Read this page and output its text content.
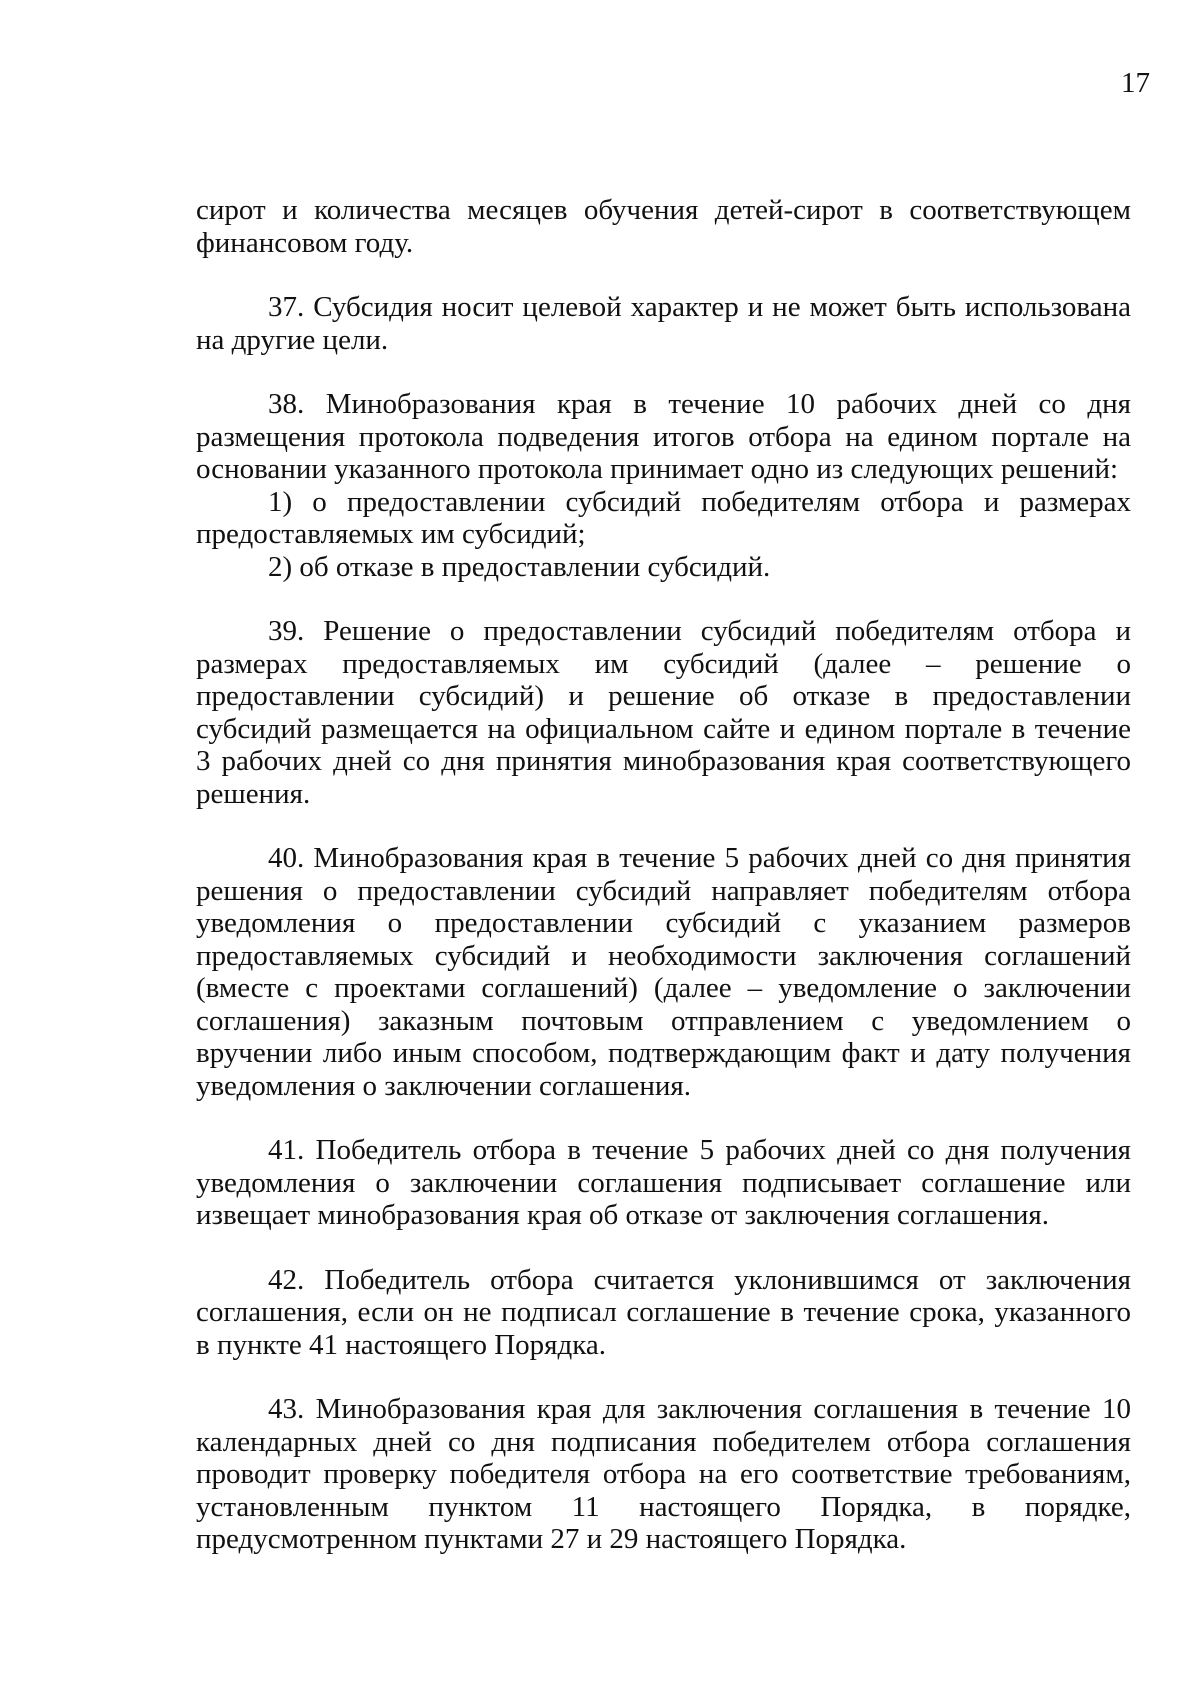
17

сирот и количества месяцев обучения детей-сирот в соответствующем финансовом году.

37. Субсидия носит целевой характер и не может быть использована на другие цели.

38. Минобразования края в течение 10 рабочих дней со дня размещения протокола подведения итогов отбора на едином портале на основании указанного протокола принимает одно из следующих решений:

1) о предоставлении субсидий победителям отбора и размерах предоставляемых им субсидий;

2) об отказе в предоставлении субсидий.

39. Решение о предоставлении субсидий победителям отбора и размерах предоставляемых им субсидий (далее – решение о предоставлении субсидий) и решение об отказе в предоставлении субсидий размещается на официальном сайте и едином портале в течение 3 рабочих дней со дня принятия минобразования края соответствующего решения.

40. Минобразования края в течение 5 рабочих дней со дня принятия решения о предоставлении субсидий направляет победителям отбора уведомления о предоставлении субсидий с указанием размеров предоставляемых субсидий и необходимости заключения соглашений (вместе с проектами соглашений) (далее – уведомление о заключении соглашения) заказным почтовым отправлением с уведомлением о вручении либо иным способом, подтверждающим факт и дату получения уведомления о заключении соглашения.

41. Победитель отбора в течение 5 рабочих дней со дня получения уведомления о заключении соглашения подписывает соглашение или извещает минобразования края об отказе от заключения соглашения.

42. Победитель отбора считается уклонившимся от заключения соглашения, если он не подписал соглашение в течение срока, указанного в пункте 41 настоящего Порядка.

43. Минобразования края для заключения соглашения в течение 10 календарных дней со дня подписания победителем отбора соглашения проводит проверку победителя отбора на его соответствие требованиям, установленным пунктом 11 настоящего Порядка, в порядке, предусмотренном пунктами 27 и 29 настоящего Порядка.
